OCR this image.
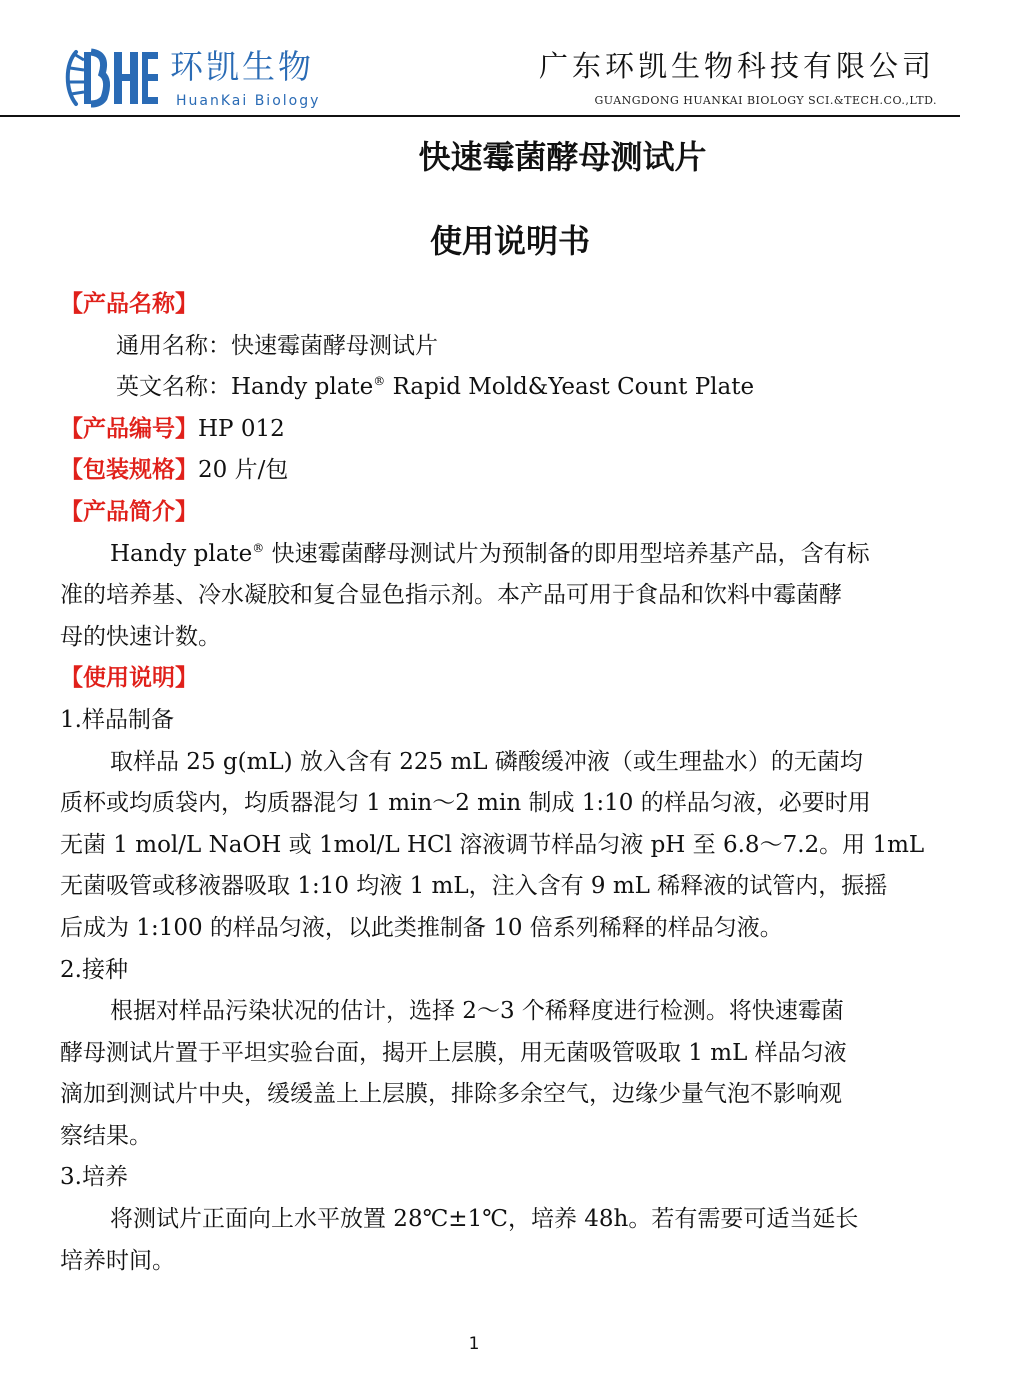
环凯生物
HuanKai Biology
广东环凯生物科技有限公司
GUANGDONG HUANKAI BIOLOGY SCI.&TECH.CO.,LTD.
快速霉菌酵母测试片
使用说明书
【产品名称】
通用名称：快速霉菌酵母测试片
英文名称：Handy plate® Rapid Mold&Yeast Count Plate
【产品编号】HP 012
【包装规格】20 片/包
【产品简介】
Handy plate® 快速霉菌酵母测试片为预制备的即用型培养基产品，含有标
准的培养基、冷水凝胶和复合显色指示剂。本产品可用于食品和饮料中霉菌酵
母的快速计数。
【使用说明】
1.样品制备
取样品 25 g(mL) 放入含有 225 mL 磷酸缓冲液（或生理盐水）的无菌均
质杯或均质袋内，均质器混匀 1 min～2 min 制成 1:10 的样品匀液，必要时用
无菌 1 mol/L NaOH 或 1mol/L HCl 溶液调节样品匀液 pH 至 6.8～7.2。用 1mL
无菌吸管或移液器吸取 1:10 均液 1 mL，注入含有 9 mL 稀释液的试管内，振摇
后成为 1:100 的样品匀液，以此类推制备 10 倍系列稀释的样品匀液。
2.接种
根据对样品污染状况的估计，选择 2～3 个稀释度进行检测。将快速霉菌
酵母测试片置于平坦实验台面，揭开上层膜，用无菌吸管吸取 1 mL 样品匀液
滴加到测试片中央，缓缓盖上上层膜，排除多余空气，边缘少量气泡不影响观
察结果。
3.培养
将测试片正面向上水平放置 28℃±1℃，培养 48h。若有需要可适当延长
培养时间。
1
